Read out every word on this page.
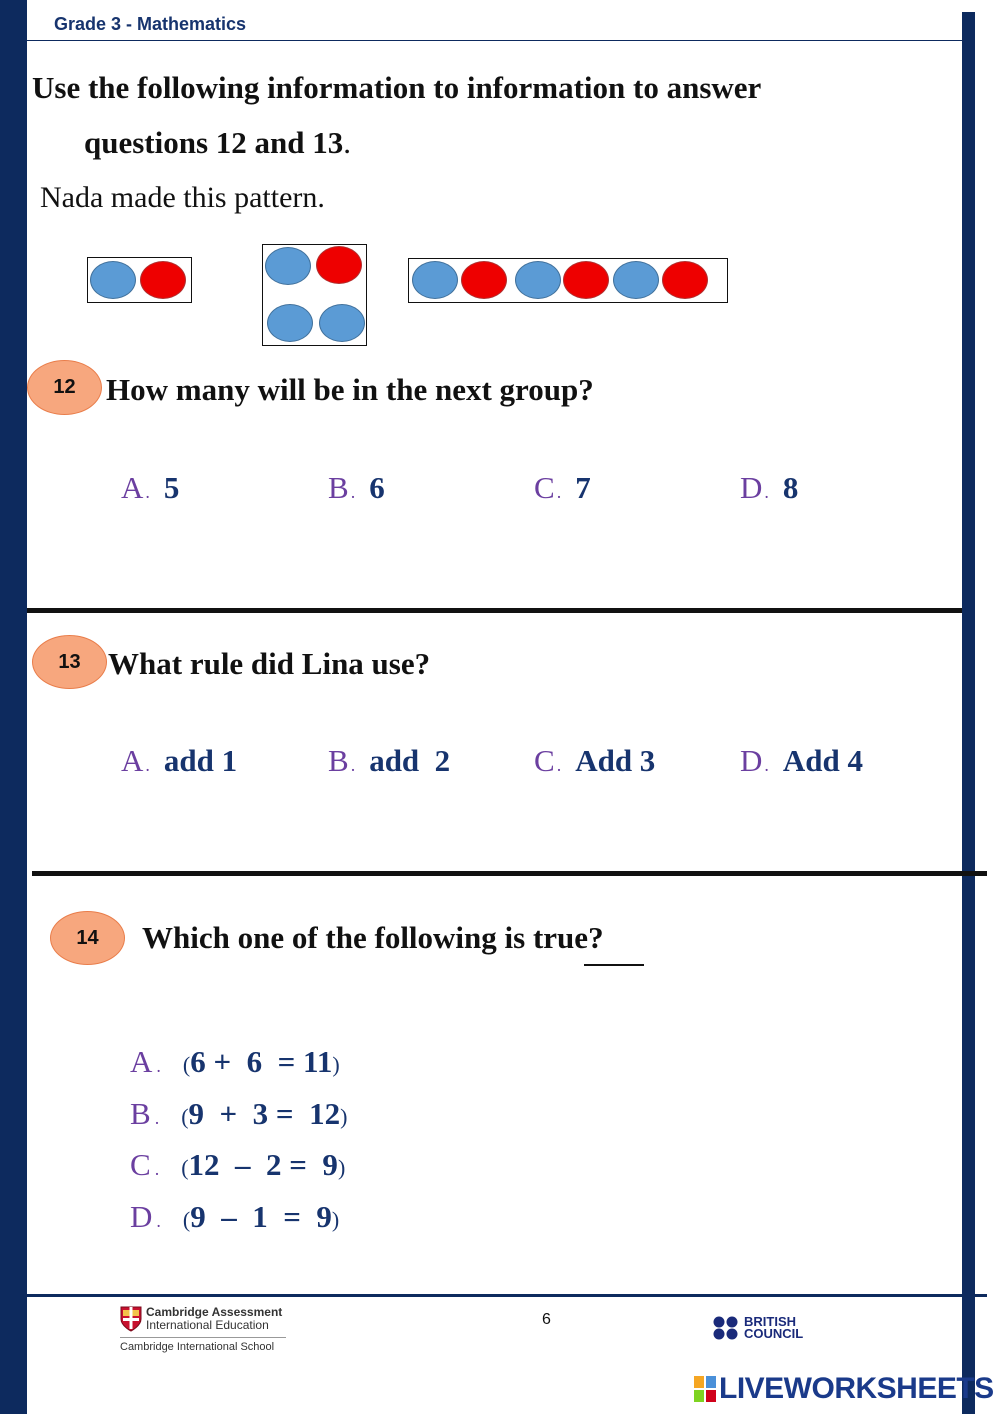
Grade 3 - Mathematics
Use the following information to information to answer
questions 12 and 13.
Nada made this pattern.
12 How many will be in the next group?
A . 5	B . 6	C . 7	D . 8
13 What rule did Lina use?
A . add 1	B . add  2	C . Add 3	D . Add 4
14	Which one of the following is true?
A . (6 +  6  = 11)
B . (9  +  3 =  12)
C . (12  –  2 =  9)
D . (9  –  1  =  9)
Cambridge Assessment
International Education
Cambridge International School
6	BRITISH
COUNCIL
LIVEWORKSHEETS
